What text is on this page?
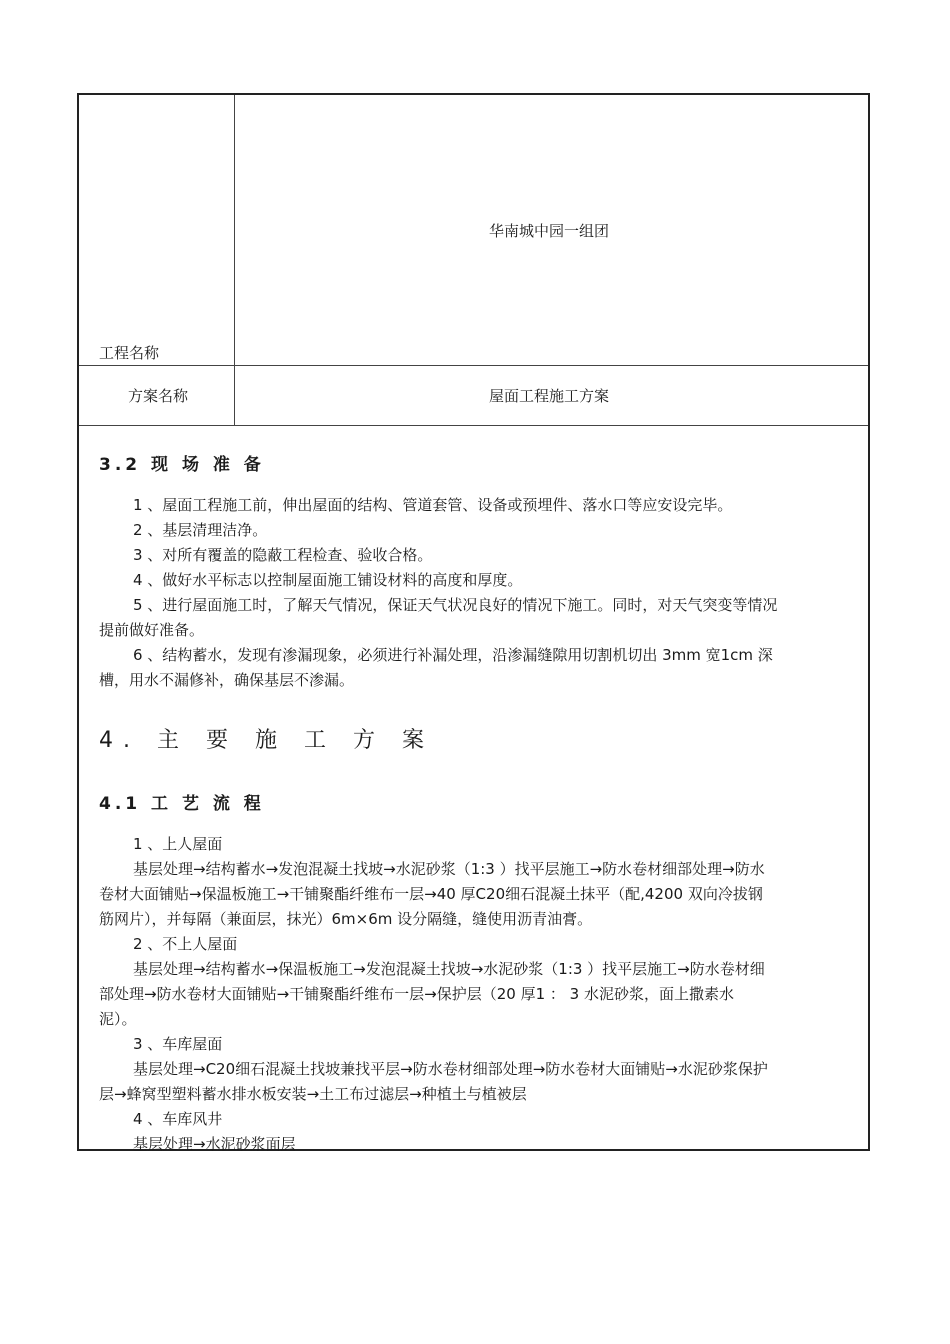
工程名称
华南城中园一组团
方案名称	屋面工程施工方案
3.2 现 场 准 备
1 、屋面工程施工前，伸出屋面的结构、管道套管、设备或预埋件、落水口等应安设完毕。
2 、基层清理洁净。
3 、对所有覆盖的隐蔽工程检查、验收合格。
4 、做好水平标志以控制屋面施工铺设材料的高度和厚度。
5 、进行屋面施工时，了解天气情况，保证天气状况良好的情况下施工。同时，对天气突变等情况
提前做好准备。
6 、结构蓄水，发现有渗漏现象，必须进行补漏处理，沿渗漏缝隙用切割机切出 3mm 宽1cm 深
槽，用水不漏修补，确保基层不渗漏。
4. 主 要 施 工 方 案
4.1 工 艺 流 程
1 、上人屋面
基层处理→结构蓄水→发泡混凝土找坡→水泥砂浆（1:3 ）找平层施工→防水卷材细部处理→防水
卷材大面铺贴→保温板施工→干铺聚酯纤维布一层→40 厚C20细石混凝土抹平（配,4200 双向冷拔钢
筋网片），并每隔（兼面层，抹光）6m×6m 设分隔缝，缝使用沥青油膏。
2 、不上人屋面
基层处理→结构蓄水→保温板施工→发泡混凝土找坡→水泥砂浆（1:3 ）找平层施工→防水卷材细
部处理→防水卷材大面铺贴→干铺聚酯纤维布一层→保护层（20 厚1 ： 3 水泥砂浆，面上撒素水
泥）。
3 、车库屋面
基层处理→C20细石混凝土找坡兼找平层→防水卷材细部处理→防水卷材大面铺贴→水泥砂浆保护
层→蜂窝型塑料蓄水排水板安装→土工布过滤层→种植土与植被层
4 、车库风井
基层处理→水泥砂浆面层
